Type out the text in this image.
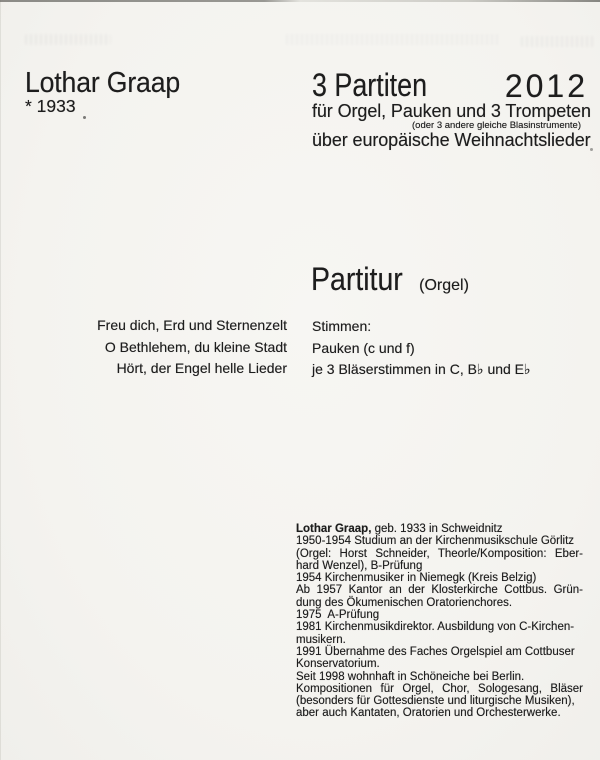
Lothar Graap
* 1933
3 Partiten 2012
für Orgel, Pauken und 3 Trompeten
(oder 3 andere gleiche Blasinstrumente)
über europäische Weihnachtslieder
Partitur (Orgel)
Freu dich, Erd und Sternenzelt
O Bethlehem, du kleine Stadt
Hört, der Engel helle Lieder
Stimmen:
Pauken (c und f)
je 3 Bläserstimmen in C, B♭ und E♭
Lothar Graap, geb. 1933 in Schweidnitz
1950-1954 Studium an der Kirchenmusikschule Görlitz
(Orgel: Horst Schneider, Theorle/Komposition: Eber-
hard Wenzel), B-Prüfung
1954 Kirchenmusiker in Niemegk (Kreis Belzig)
Ab 1957 Kantor an der Klosterkirche Cottbus. Grün-
dung des Ökumenischen Oratorienchores.
1975  A-Prüfung
1981 Kirchenmusikdirektor. Ausbildung von C-Kirchen-
musikern.
1991 Übernahme des Faches Orgelspiel am Cottbuser
Konservatorium.
Seit 1998 wohnhaft in Schöneiche bei Berlin.
Kompositionen für Orgel, Chor, Sologesang, Bläser
(besonders für Gottesdienste und liturgische Musiken),
aber auch Kantaten, Oratorien und Orchesterwerke.
